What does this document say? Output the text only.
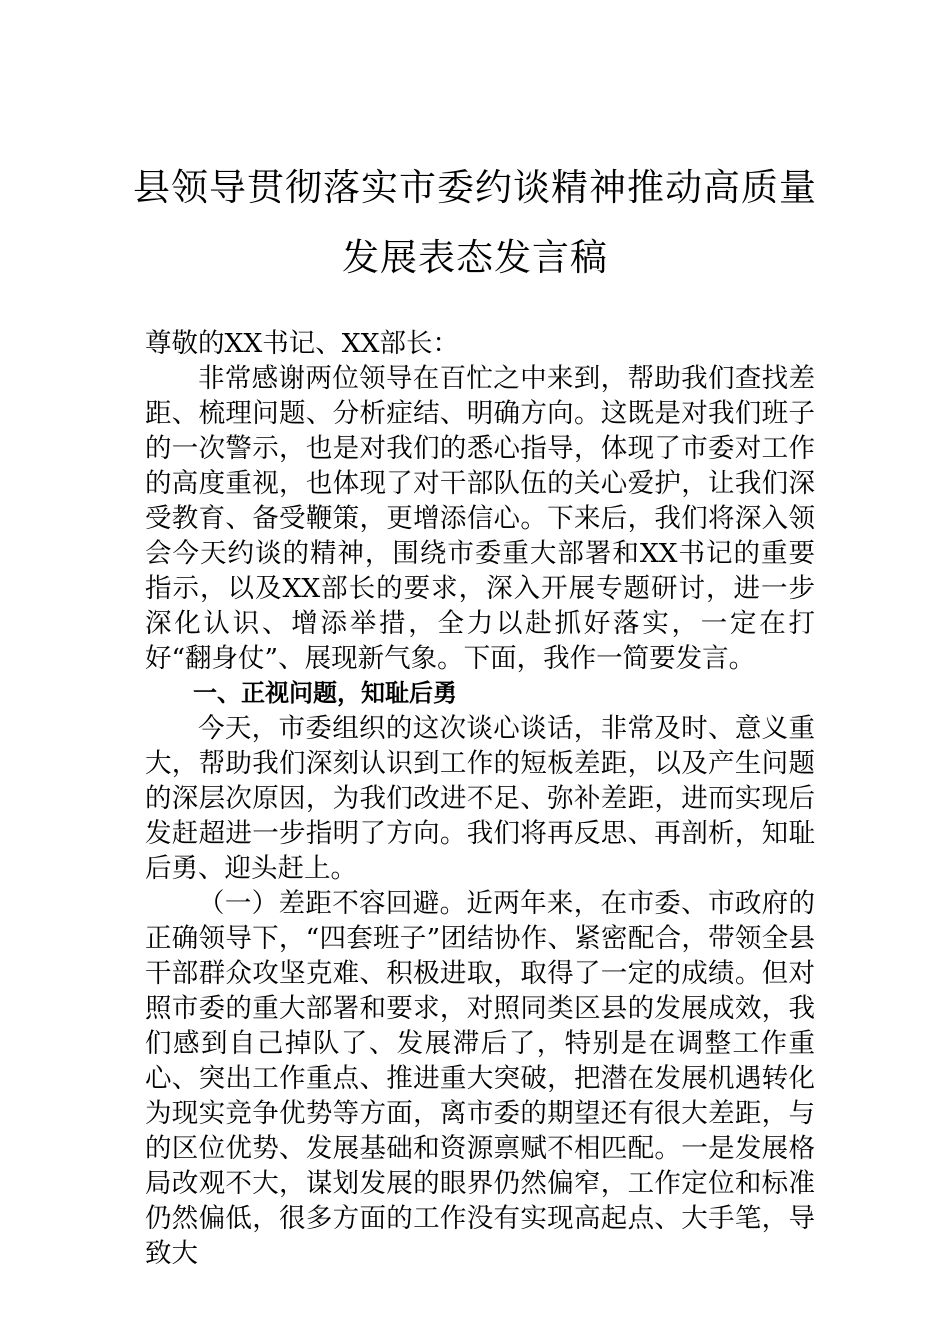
县领导贯彻落实市委约谈精神推动高质量
发展表态发言稿

尊敬的XX书记、XX部长：

非常感谢两位领导在百忙之中来到，帮助我们查找差距、梳理问题、分析症结、明确方向。这既是对我们班子的一次警示，也是对我们的悉心指导，体现了市委对工作的高度重视，也体现了对干部队伍的关心爱护，让我们深受教育、备受鞭策，更增添信心。下来后，我们将深入领会今天约谈的精神，围绕市委重大部署和XX书记的重要指示，以及XX部长的要求，深入开展专题研讨，进一步深化认识、增添举措，全力以赴抓好落实，一定在打好“翻身仗”、展现新气象。下面，我作一简要发言。

一、正视问题，知耻后勇

今天，市委组织的这次谈心谈话，非常及时、意义重大，帮助我们深刻认识到工作的短板差距，以及产生问题的深层次原因，为我们改进不足、弥补差距，进而实现后发赶超进一步指明了方向。我们将再反思、再剖析，知耻后勇、迎头赶上。

（一）差距不容回避。近两年来，在市委、市政府的正确领导下，“四套班子”团结协作、紧密配合，带领全县干部群众攻坚克难、积极进取，取得了一定的成绩。但对照市委的重大部署和要求，对照同类区县的发展成效，我们感到自己掉队了、发展滞后了，特别是在调整工作重心、突出工作重点、推进重大突破，把潜在发展机遇转化为现实竞争优势等方面，离市委的期望还有很大差距，与的区位优势、发展基础和资源禀赋不相匹配。一是发展格局改观不大，谋划发展的眼界仍然偏窄，工作定位和标准仍然偏低，很多方面的工作没有实现高起点、大手笔，导致大
